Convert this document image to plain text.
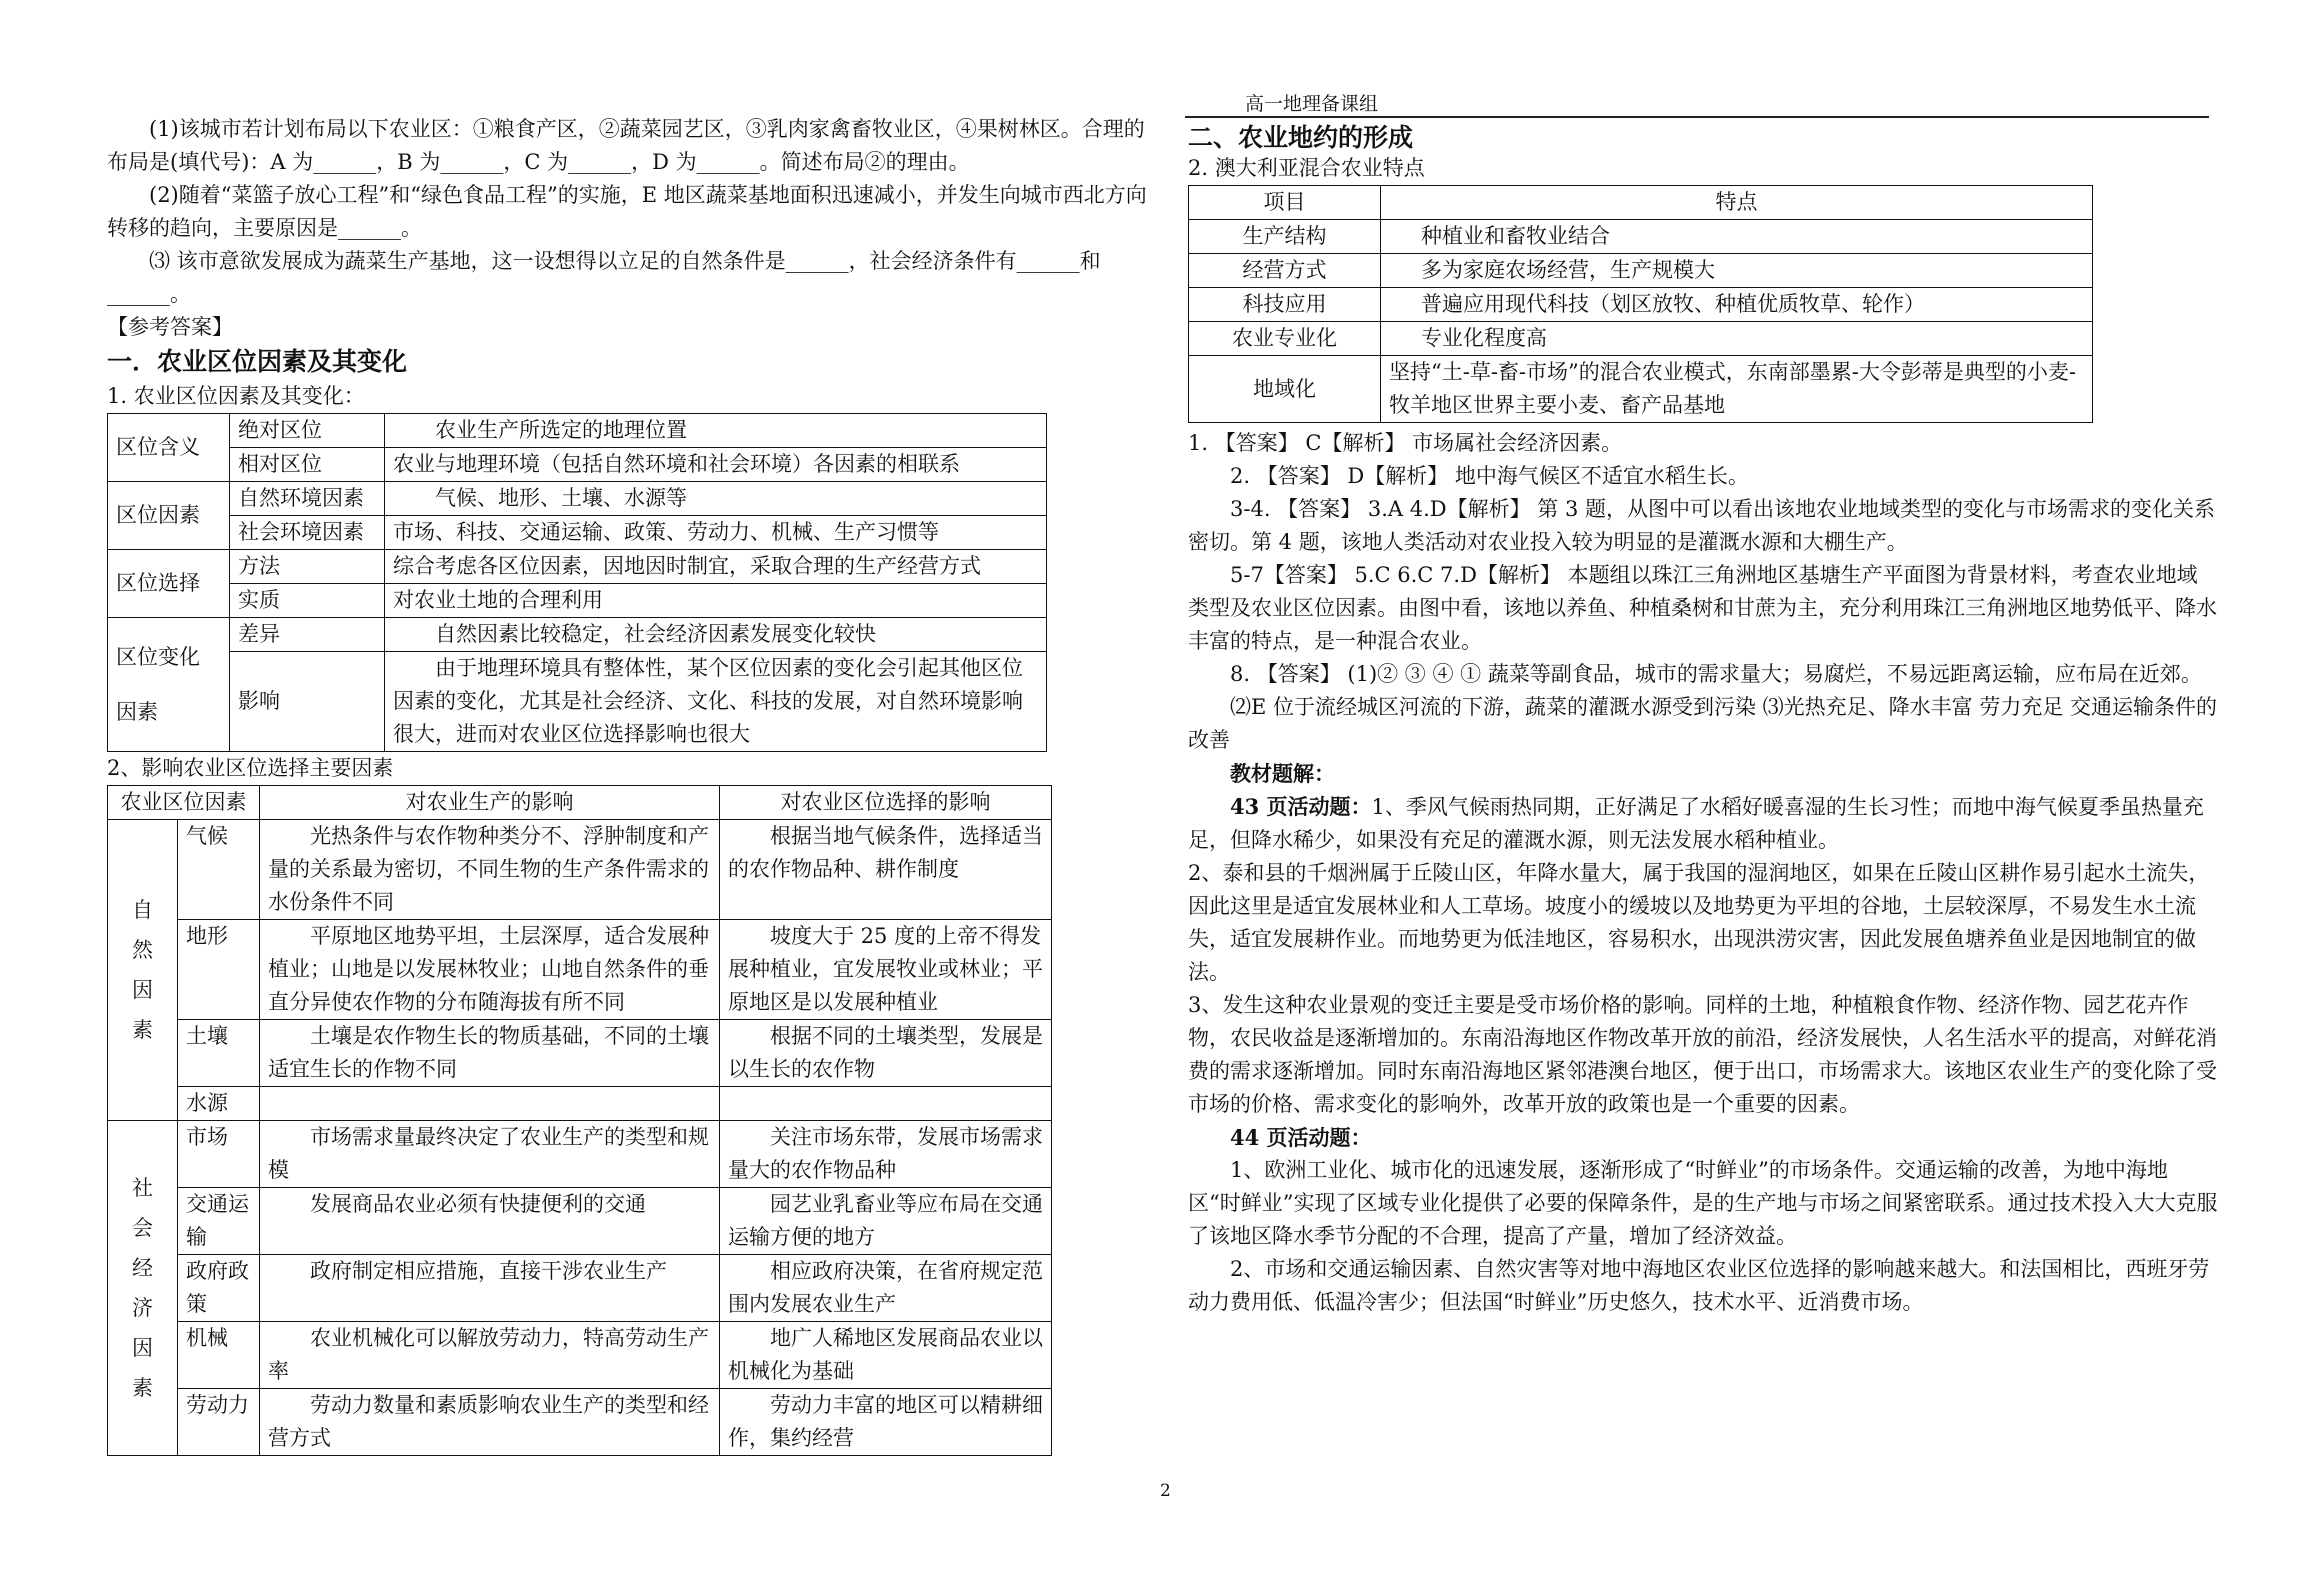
高一地理备课组

(1)该城市若计划布局以下农业区：①粮食产区，②蔬菜园艺区，③乳肉家禽畜牧业区，④果树林区。合理的布局是(填代号)：A 为______，B 为______，C 为______，D 为______。简述布局②的理由。

(2)随着“菜篮子放心工程”和“绿色食品工程”的实施，E 地区蔬菜基地面积迅速减小，并发生向城市西北方向转移的趋向，主要原因是______。

⑶ 该市意欲发展成为蔬菜生产基地，这一设想得以立足的自然条件是______，社会经济条件有______和______。

【参考答案】

一．农业区位因素及其变化

1. 农业区位因素及其变化：

区位含义	绝对区位	农业生产所选定的地理位置
	相对区位	农业与地理环境（包括自然环境和社会环境）各因素的相联系
区位因素	自然环境因素	气候、地形、土壤、水源等
	社会环境因素	市场、科技、交通运输、政策、劳动力、机械、生产习惯等
区位选择	方法	综合考虑各区位因素，因地因时制宜，采取合理的生产经营方式
	实质	对农业土地的合理利用

区位变化
因素	差异	自然因素比较稳定，社会经济因素发展变化较快
	影响	由于地理环境具有整体性，某个区位因素的变化会引起其他区位因素的变化，尤其是社会经济、文化、科技的发展，对自然环境影响很大，进而对农业区位选择影响也很大

2、影响农业区位选择主要因素

农业区位因素		对农业生产的影响	对农业区位选择的影响
自然因素	气候	光热条件与农作物种类分不、浮肿制度和产量的关系最为密切，不同生物的生产条件需求的水份条件不同	根据当地气候条件，选择适当的农作物品种、耕作制度
	地形	平原地区地势平坦，土层深厚，适合发展种植业；山地是以发展林牧业；山地自然条件的垂直分异使农作物的分布随海拔有所不同	坡度大于 25 度的上帝不得发展种植业，宜发展牧业或林业；平原地区是以发展种植业
	土壤	土壤是农作物生长的物质基础，不同的土壤适宜生长的作物不同	根据不同的土壤类型，发展是以生长的农作物
	水源		
社会经济因素	市场	市场需求量最终决定了农业生产的类型和规模	关注市场东带，发展市场需求量大的农作物品种
	交通运输	发展商品农业必须有快捷便利的交通	园艺业乳畜业等应布局在交通运输方便的地方
	政府政策	政府制定相应措施，直接干涉农业生产	相应政府决策，在省府规定范围内发展农业生产
	机械	农业机械化可以解放劳动力，特高劳动生产率	地广人稀地区发展商品农业以机械化为基础
	劳动力	劳动力数量和素质影响农业生产的类型和经营方式	劳动力丰富的地区可以精耕细作，集约经营
二、农业地约的形成

2. 澳大利亚混合农业特点

项目	特点
生产结构	种植业和畜牧业结合
经营方式	多为家庭农场经营，生产规模大
科技应用	普遍应用现代科技（划区放牧、种植优质牧草、轮作）
农业专业化	专业化程度高
地域化	坚持“土-草-畜-市场”的混合农业模式，东南部墨累-大令彭蒂是典型的小麦-牧羊地区世界主要小麦、畜产品基地

1. 【答案】 C【解析】 市场属社会经济因素。

2. 【答案】 D【解析】 地中海气候区不适宜水稻生长。

3-4. 【答案】 3.A 4.D【解析】 第 3 题，从图中可以看出该地农业地域类型的变化与市场需求的变化关系密切。第 4 题，该地人类活动对农业投入较为明显的是灌溉水源和大棚生产。

5-7【答案】 5.C 6.C 7.D【解析】 本题组以珠江三角洲地区基塘生产平面图为背景材料，考查农业地域类型及农业区位因素。由图中看，该地以养鱼、种植桑树和甘蔗为主，充分利用珠江三角洲地区地势低平、降水丰富的特点，是一种混合农业。

8. 【答案】 (1)② ③ ④ ① 蔬菜等副食品，城市的需求量大；易腐烂，不易远距离运输，应布局在近郊。

⑵E 位于流经城区河流的下游，蔬菜的灌溉水源受到污染 ⑶光热充足、降水丰富 劳力充足 交通运输条件的改善

教材题解：

43 页活动题：1、季风气候雨热同期，正好满足了水稻好暖喜湿的生长习性；而地中海气候夏季虽热量充足，但降水稀少，如果没有充足的灌溉水源，则无法发展水稻种植业。

2、泰和县的千烟洲属于丘陵山区，年降水量大，属于我国的湿润地区，如果在丘陵山区耕作易引起水土流失，因此这里是适宜发展林业和人工草场。坡度小的缓坡以及地势更为平坦的谷地，土层较深厚，不易发生水土流失，适宜发展耕作业。而地势更为低洼地区，容易积水，出现洪涝灾害，因此发展鱼塘养鱼业是因地制宜的做法。

3、发生这种农业景观的变迁主要是受市场价格的影响。同样的土地，种植粮食作物、经济作物、园艺花卉作物，农民收益是逐渐增加的。东南沿海地区作物改革开放的前沿，经济发展快，人名生活水平的提高，对鲜花消费的需求逐渐增加。同时东南沿海地区紧邻港澳台地区，便于出口，市场需求大。该地区农业生产的变化除了受市场的价格、需求变化的影响外，改革开放的政策也是一个重要的因素。

44 页活动题：

1、欧洲工业化、城市化的迅速发展，逐渐形成了“时鲜业”的市场条件。交通运输的改善，为地中海地区“时鲜业”实现了区域专业化提供了必要的保障条件，是的生产地与市场之间紧密联系。通过技术投入大大克服了该地区降水季节分配的不合理，提高了产量，增加了经济效益。

2、市场和交通运输因素、自然灾害等对地中海地区农业区位选择的影响越来越大。和法国相比，西班牙劳动力费用低、低温冷害少；但法国“时鲜业”历史悠久，技术水平、近消费市场。

2
